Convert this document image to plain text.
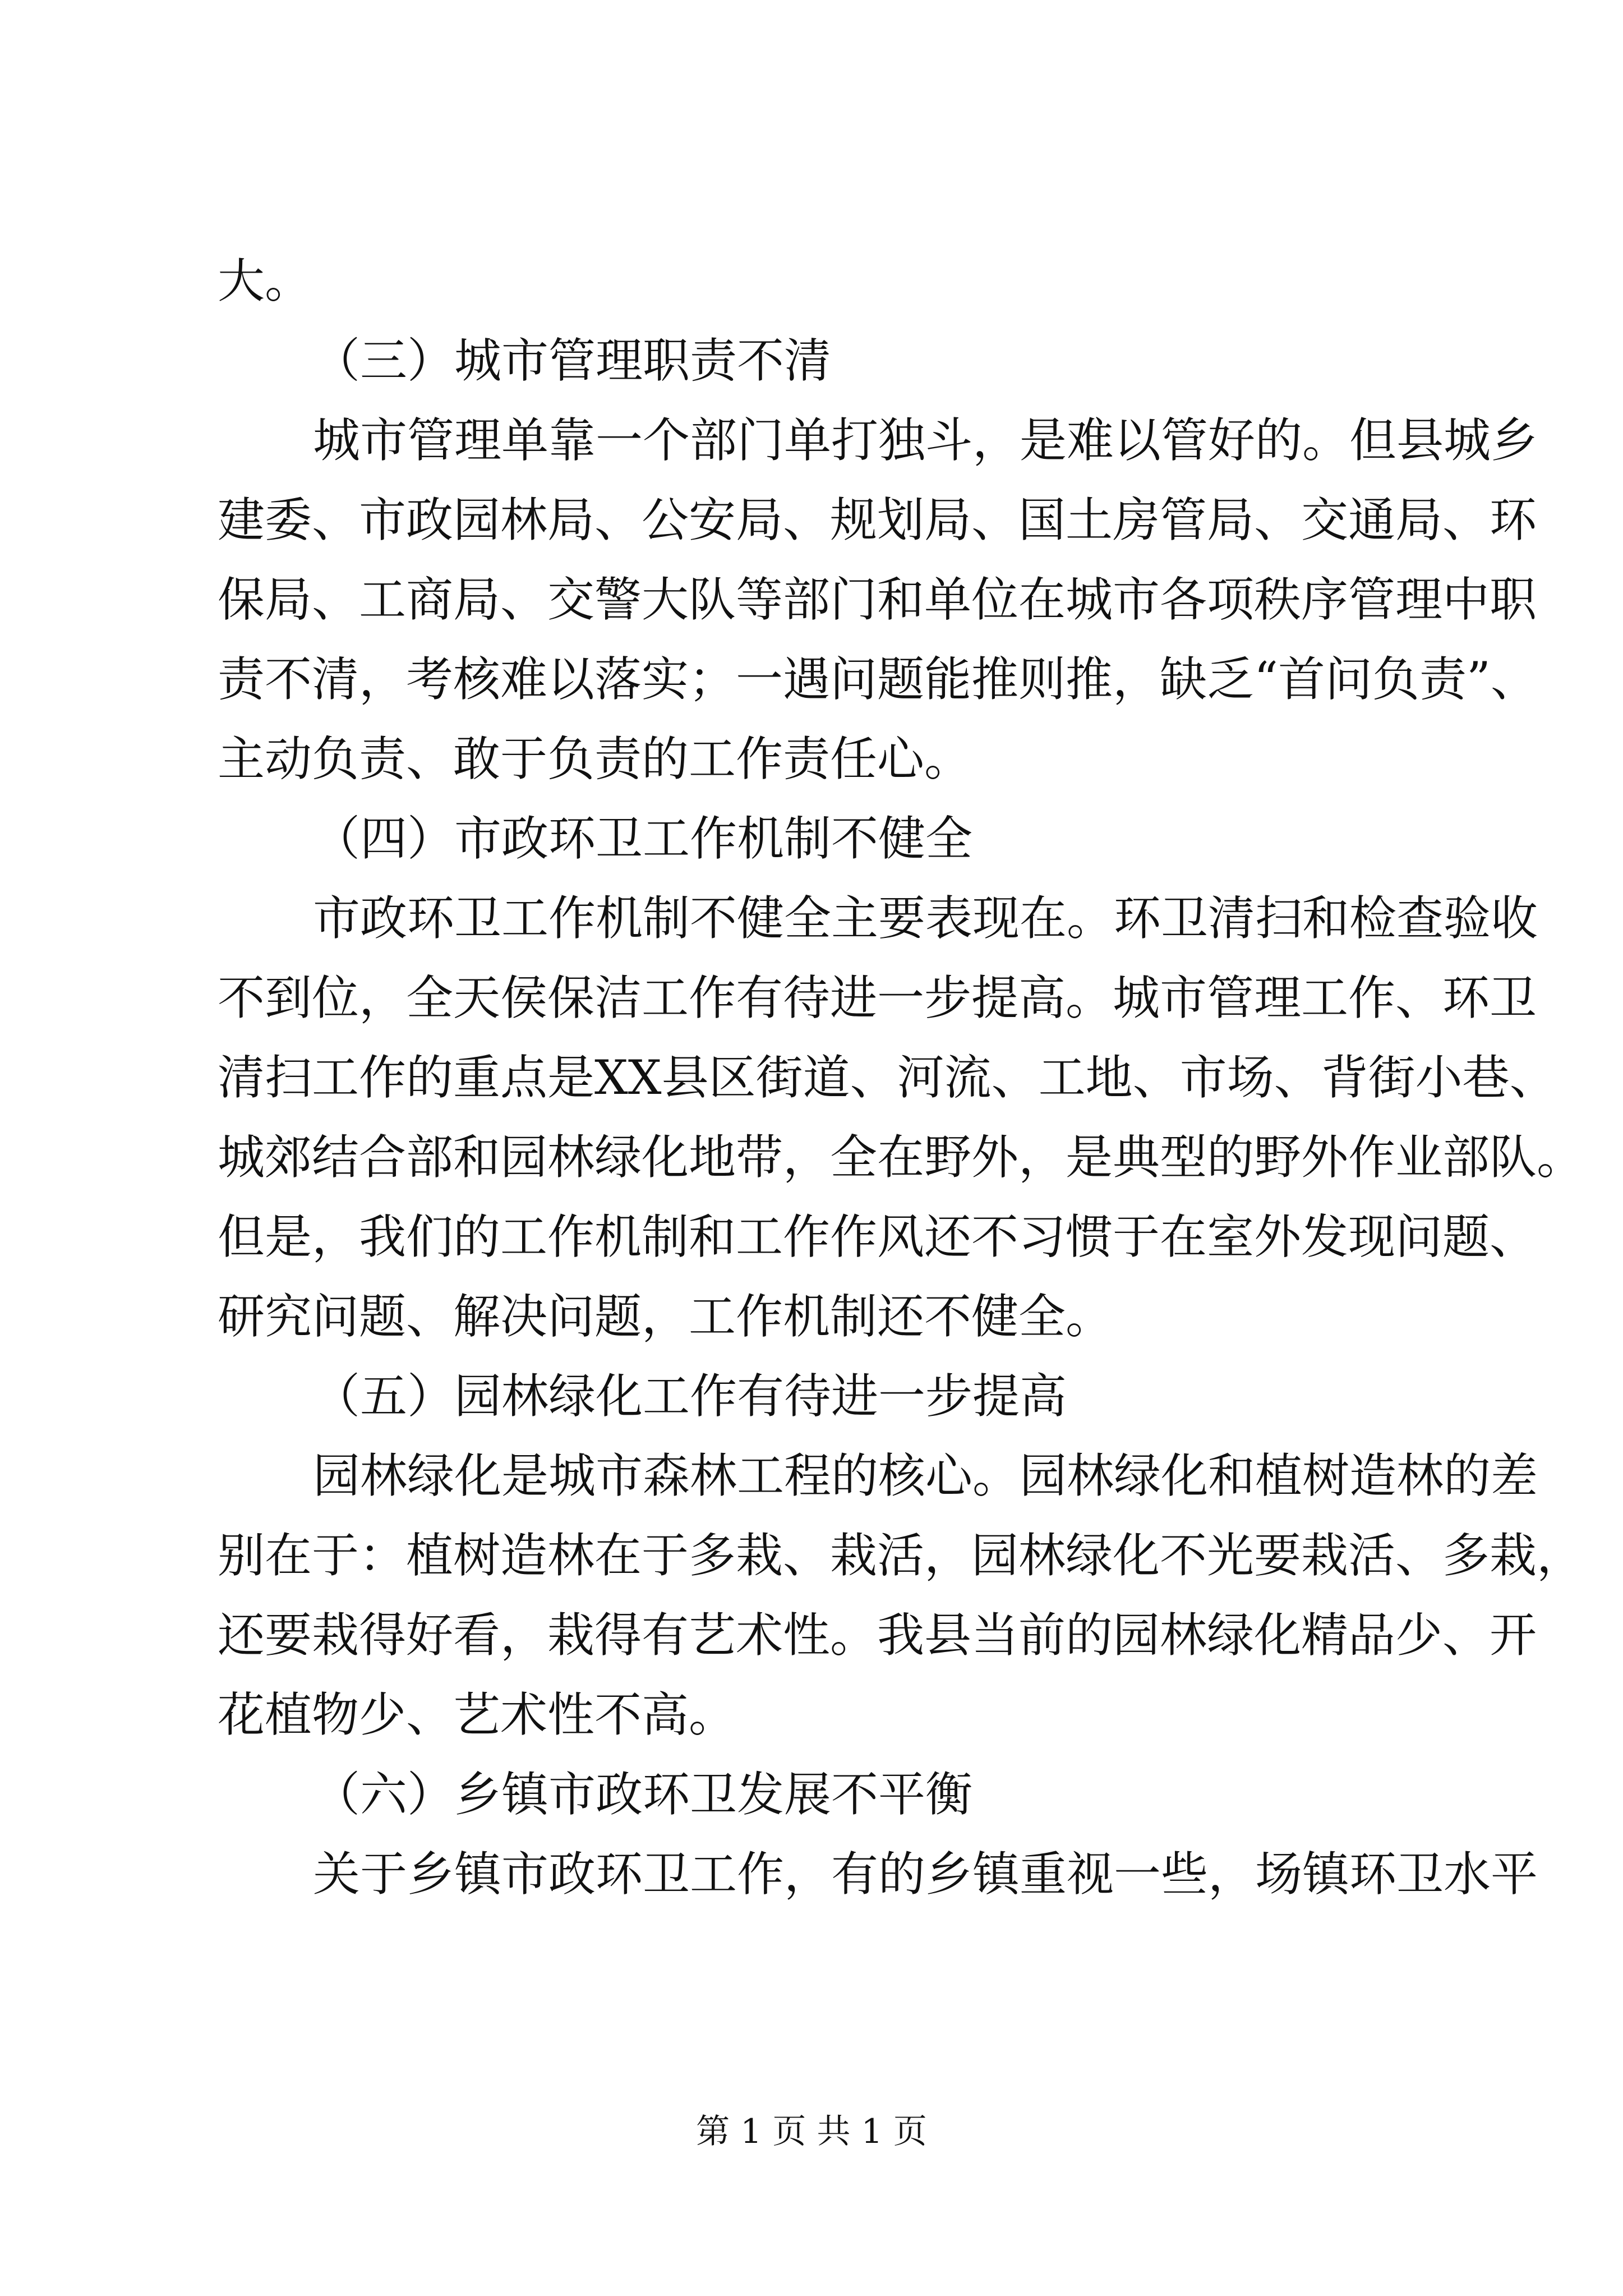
大。
（三）城市管理职责不清
城市管理单靠一个部门单打独斗，是难以管好的。但县城乡
建委、市政园林局、公安局、规划局、国土房管局、交通局、环
保局、工商局、交警大队等部门和单位在城市各项秩序管理中职
责不清，考核难以落实；一遇问题能推则推，缺乏“首问负责”、
主动负责、敢于负责的工作责任心。
（四）市政环卫工作机制不健全
市政环卫工作机制不健全主要表现在。环卫清扫和检查验收
不到位，全天侯保洁工作有待进一步提高。城市管理工作、环卫
清扫工作的重点是XX县区街道、河流、工地、市场、背街小巷、
城郊结合部和园林绿化地带，全在野外，是典型的野外作业部队。
但是，我们的工作机制和工作作风还不习惯于在室外发现问题、
研究问题、解决问题，工作机制还不健全。
（五）园林绿化工作有待进一步提高
园林绿化是城市森林工程的核心。园林绿化和植树造林的差
别在于：植树造林在于多栽、栽活，园林绿化不光要栽活、多栽，
还要栽得好看，栽得有艺术性。我县当前的园林绿化精品少、开
花植物少、艺术性不高。
（六）乡镇市政环卫发展不平衡
关于乡镇市政环卫工作，有的乡镇重视一些，场镇环卫水平
第 1 页 共 1 页
